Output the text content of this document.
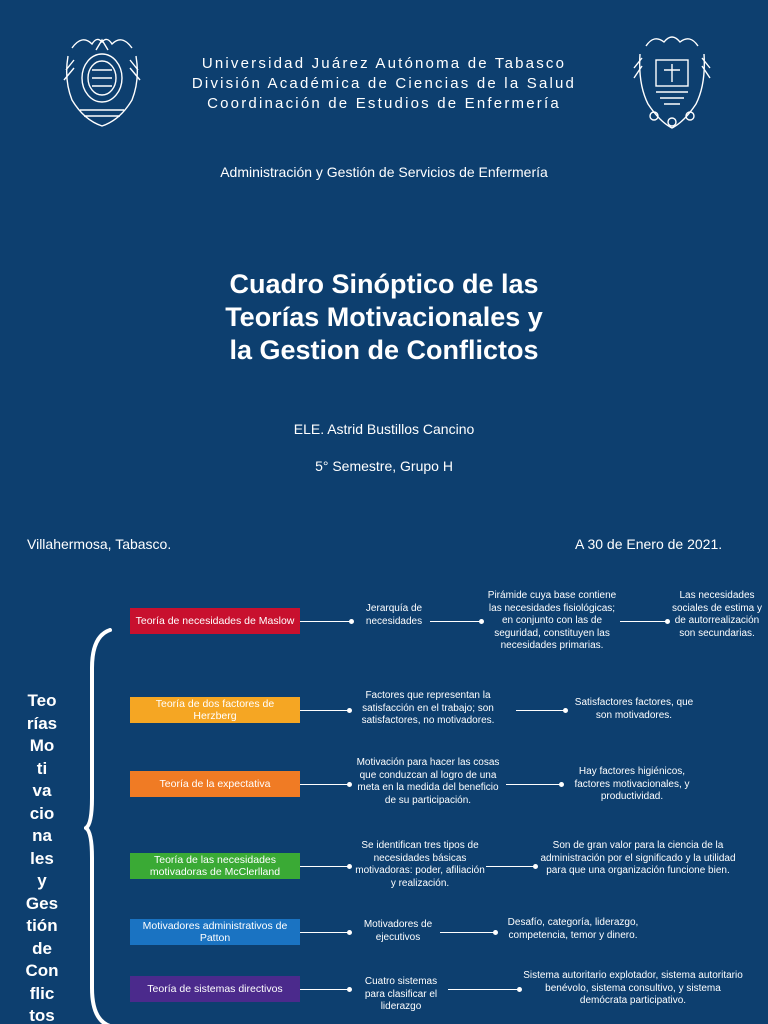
Universidad Juárez Autónoma de Tabasco
División Académica de Ciencias de la Salud
Coordinación de Estudios de Enfermería
Administración y Gestión de Servicios de Enfermería
Cuadro Sinóptico de las
Teorías Motivacionales y
la Gestion de Conflictos
ELE. Astrid Bustillos Cancino
5° Semestre, Grupo H
Villahermosa, Tabasco.	A 30 de Enero de 2021.
Teo
rías
Mo
ti
va
cio
na
les
y
Ges
tión
de
Con
flic
tos
Teoría de necesidades de Maslow
Jerarquía de necesidades
Pirámide cuya base contiene las necesidades fisiológicas; en conjunto con las de seguridad, constituyen las necesidades primarias.
Las necesidades sociales de estima y de autorrealización son secundarias.
Teoría de dos factores de Herzberg
Factores que representan la satisfacción en el trabajo; son satisfactores, no motivadores.
Satisfactores factores, que son motivadores.
Teoría de la expectativa
Motivación para hacer las cosas que conduzcan al logro de una meta en la medida del beneficio de su participación.
Hay factores higiénicos, factores motivacionales, y productividad.
Teoría de las necesidades motivadoras de McClerlland
Se identifican tres tipos de necesidades básicas motivadoras: poder, afiliación y realización.
Son de gran valor para la ciencia de la administración por el significado y la utilidad para que una organización funcione bien.
Motivadores administrativos de Patton
Motivadores de ejecutivos
Desafío, categoría, liderazgo, competencia, temor y dinero.
Teoría de sistemas directivos
Cuatro sistemas para clasificar el liderazgo
Sistema autoritario explotador, sistema autoritario benévolo, sistema consultivo, y sistema demócrata participativo.
